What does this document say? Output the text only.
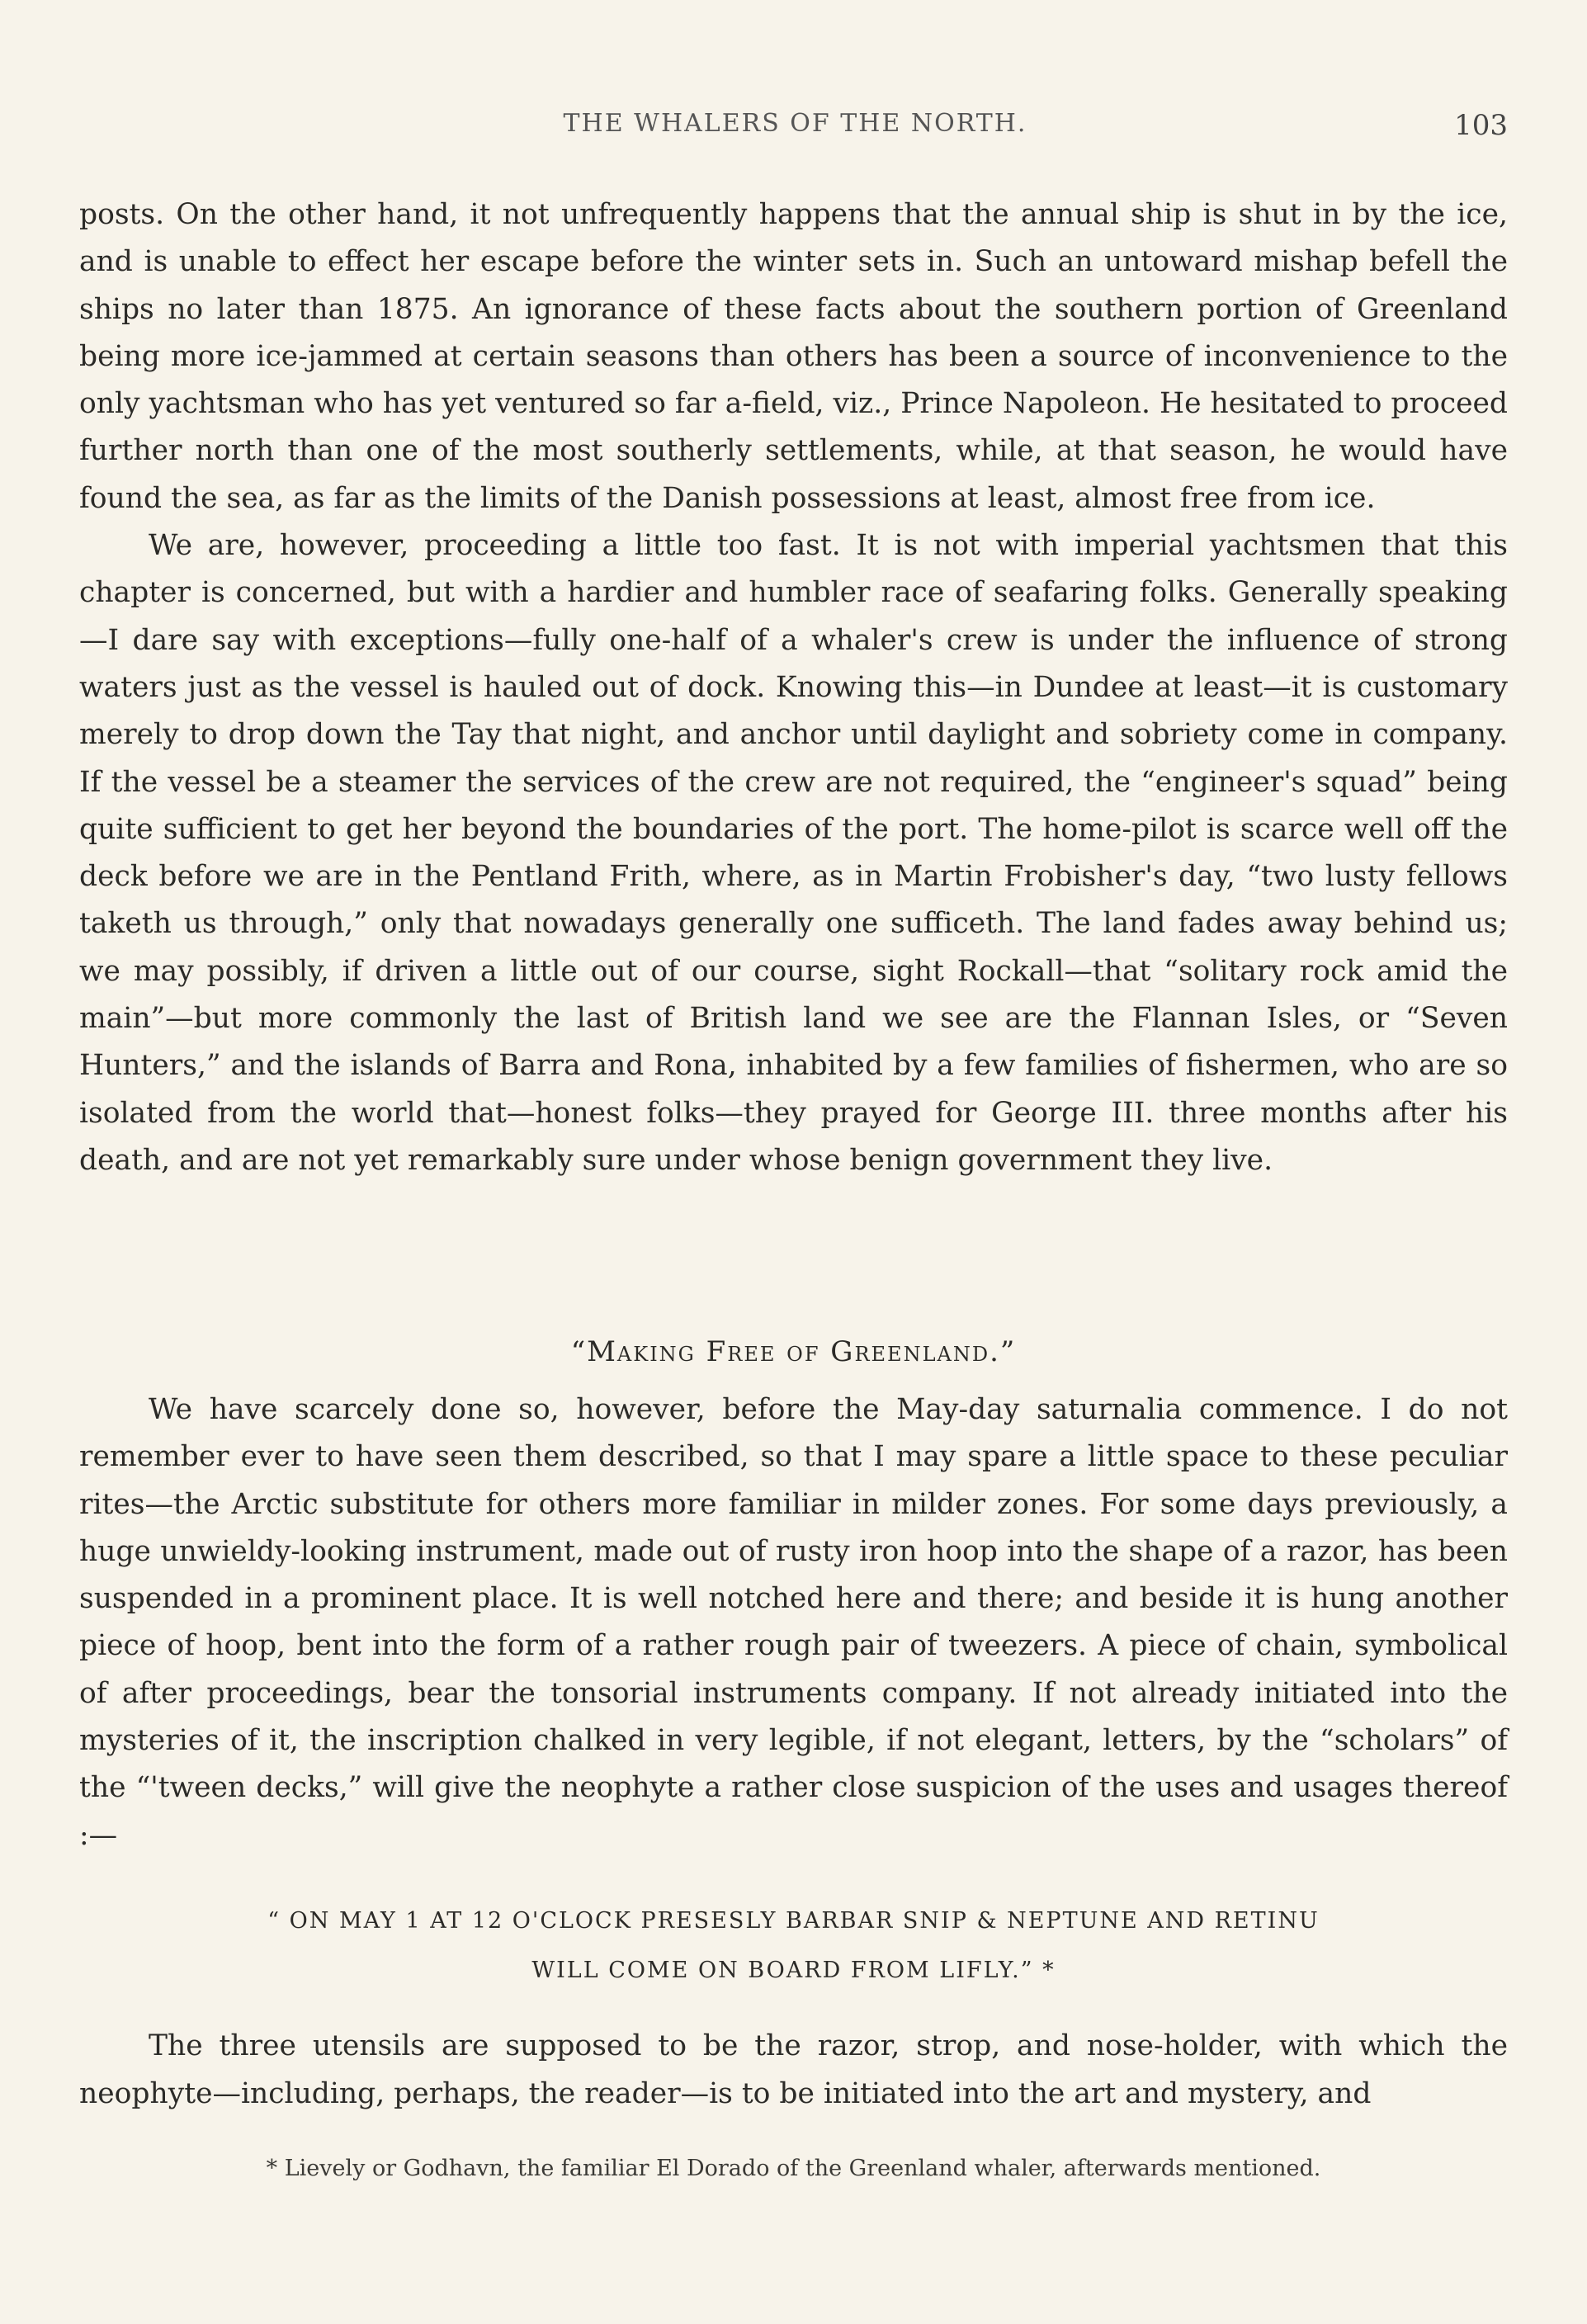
THE WHALERS OF THE NORTH.	103

posts. On the other hand, it not unfrequently happens that the annual ship is shut in by the ice, and is unable to effect her escape before the winter sets in. Such an untoward mishap befell the ships no later than 1875. An ignorance of these facts about the southern portion of Greenland being more ice-jammed at certain seasons than others has been a source of inconvenience to the only yachtsman who has yet ventured so far a-field, viz., Prince Napoleon. He hesitated to proceed further north than one of the most southerly settlements, while, at that season, he would have found the sea, as far as the limits of the Danish possessions at least, almost free from ice.

We are, however, proceeding a little too fast. It is not with imperial yachtsmen that this chapter is concerned, but with a hardier and humbler race of seafaring folks. Generally speaking—I dare say with exceptions—fully one-half of a whaler's crew is under the influence of strong waters just as the vessel is hauled out of dock. Knowing this—in Dundee at least—it is customary merely to drop down the Tay that night, and anchor until daylight and sobriety come in company. If the vessel be a steamer the services of the crew are not required, the “engineer's squad” being quite sufficient to get her beyond the boundaries of the port. The home-pilot is scarce well off the deck before we are in the Pentland Frith, where, as in Martin Frobisher's day, “two lusty fellows taketh us through,” only that nowadays generally one sufficeth. The land fades away behind us; we may possibly, if driven a little out of our course, sight Rockall—that “solitary rock amid the main”—but more commonly the last of British land we see are the Flannan Isles, or “Seven Hunters,” and the islands of Barra and Rona, inhabited by a few families of fishermen, who are so isolated from the world that—honest folks—they prayed for George III. three months after his death, and are not yet remarkably sure under whose benign government they live.

“Making Free of Greenland.”

We have scarcely done so, however, before the May-day saturnalia commence. I do not remember ever to have seen them described, so that I may spare a little space to these peculiar rites—the Arctic substitute for others more familiar in milder zones. For some days previously, a huge unwieldy-looking instrument, made out of rusty iron hoop into the shape of a razor, has been suspended in a prominent place. It is well notched here and there; and beside it is hung another piece of hoop, bent into the form of a rather rough pair of tweezers. A piece of chain, symbolical of after proceedings, bear the tonsorial instruments company. If not already initiated into the mysteries of it, the inscription chalked in very legible, if not elegant, letters, by the “scholars” of the “'tween decks,” will give the neophyte a rather close suspicion of the uses and usages thereof :—

“ ON MAY 1 AT 12 O'CLOCK PRESESLY BARBAR SNIP & NEPTUNE AND RETINU
WILL COME ON BOARD FROM LIFLY.” *

The three utensils are supposed to be the razor, strop, and nose-holder, with which the neophyte—including, perhaps, the reader—is to be initiated into the art and mystery, and

* Lievely or Godhavn, the familiar El Dorado of the Greenland whaler, afterwards mentioned.
